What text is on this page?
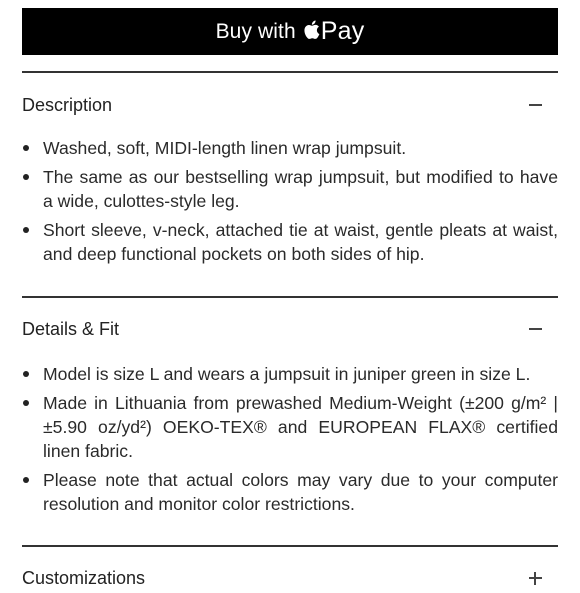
Buy with Pay
Description
Washed, soft, MIDI-length linen wrap jumpsuit.
The same as our bestselling wrap jumpsuit, but modified to have a wide, culottes-style leg.
Short sleeve, v-neck, attached tie at waist, gentle pleats at waist, and deep functional pockets on both sides of hip.
Details & Fit
Model is size L and wears a jumpsuit in juniper green in size L.
Made in Lithuania from prewashed Medium-Weight (±200 g/m² | ±5.90 oz/yd²) OEKO-TEX® and EUROPEAN FLAX® certified linen fabric.
Please note that actual colors may vary due to your computer resolution and monitor color restrictions.
Customizations
